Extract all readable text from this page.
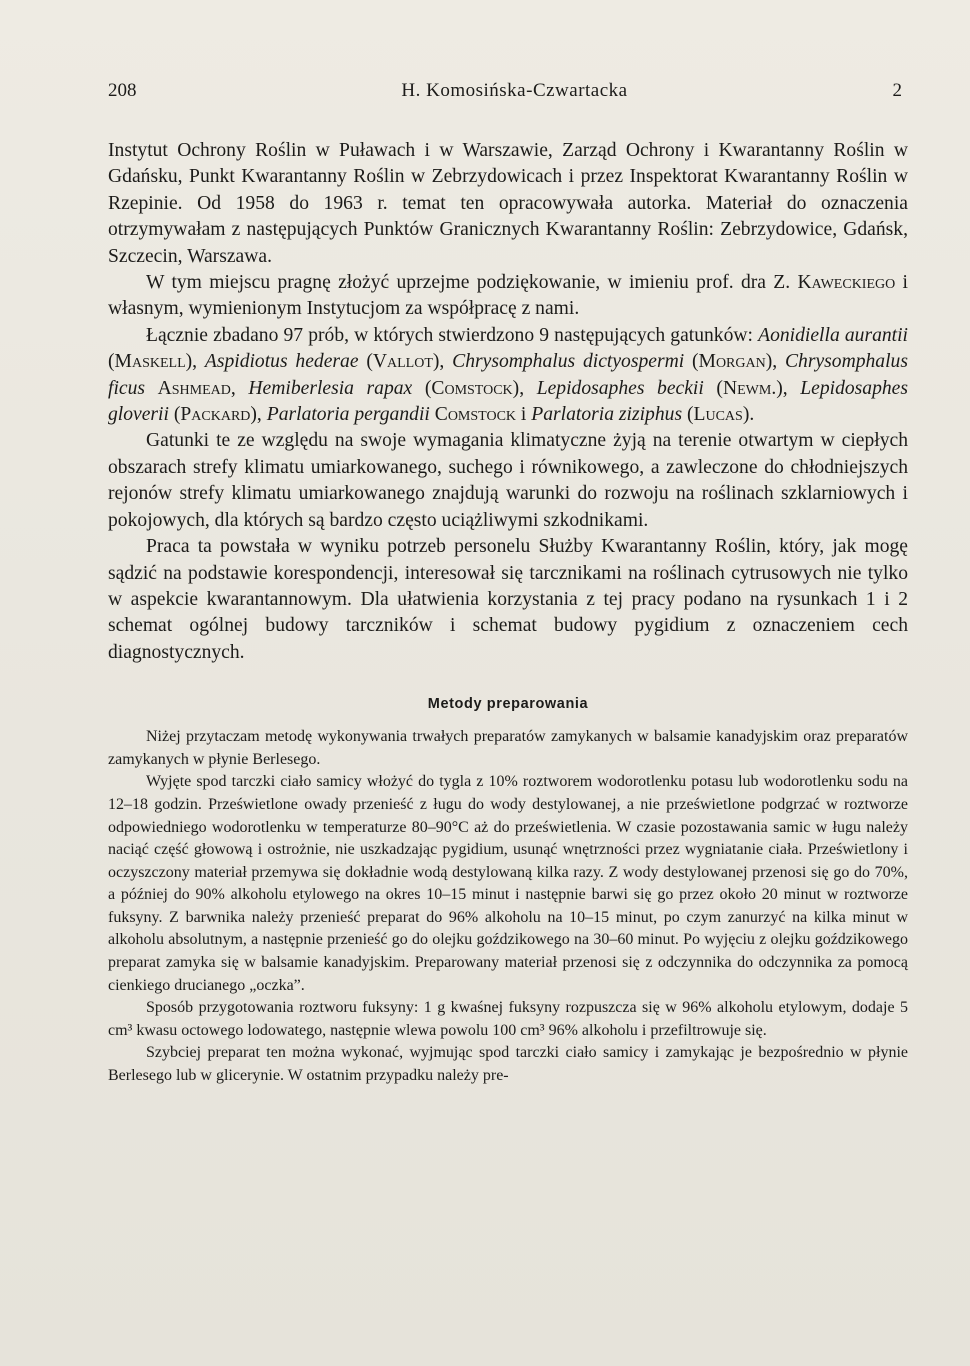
208	H. Komosińska-Czwartacka	2

Instytut Ochrony Roślin w Puławach i w Warszawie, Zarząd Ochrony i Kwarantanny Roślin w Gdańsku, Punkt Kwarantanny Roślin w Zebrzydowicach i przez Inspektorat Kwarantanny Roślin w Rzepinie. Od 1958 do 1963 r. temat ten opracowywała autorka. Materiał do oznaczenia otrzymywałam z następujących Punktów Granicznych Kwarantanny Roślin: Zebrzydowice, Gdańsk, Szczecin, Warszawa.

W tym miejscu pragnę złożyć uprzejme podziękowanie, w imieniu prof. dra Z. Kaweckiego i własnym, wymienionym Instytucjom za współpracę z nami.

Łącznie zbadano 97 prób, w których stwierdzono 9 następujących gatunków: Aonidiella aurantii (Maskell), Aspidiotus hederae (Vallot), Chrysomphalus dictyospermi (Morgan), Chrysomphalus ficus Ashmead, Hemiberlesia rapax (Comstock), Lepidosaphes beckii (Newm.), Lepidosaphes gloverii (Packard), Parlatoria pergandii Comstock i Parlatoria ziziphus (Lucas).

Gatunki te ze względu na swoje wymagania klimatyczne żyją na terenie otwartym w ciepłych obszarach strefy klimatu umiarkowanego, suchego i równikowego, a zawleczone do chłodniejszych rejonów strefy klimatu umiarkowanego znajdują warunki do rozwoju na roślinach szklarniowych i pokojowych, dla których są bardzo często uciążliwymi szkodnikami.

Praca ta powstała w wyniku potrzeb personelu Służby Kwarantanny Roślin, który, jak mogę sądzić na podstawie korespondencji, interesował się tarcznikami na roślinach cytrusowych nie tylko w aspekcie kwarantannowym. Dla ułatwienia korzystania z tej pracy podano na rysunkach 1 i 2 schemat ogólnej budowy tarczników i schemat budowy pygidium z oznaczeniem cech diagnostycznych.

Metody preparowania

Niżej przytaczam metodę wykonywania trwałych preparatów zamykanych w balsamie kanadyjskim oraz preparatów zamykanych w płynie Berlesego.

Wyjęte spod tarczki ciało samicy włożyć do tygla z 10% roztworem wodorotlenku potasu lub wodorotlenku sodu na 12–18 godzin. Prześwietlone owady przenieść z ługu do wody destylowanej, a nie prześwietlone podgrzać w roztworze odpowiedniego wodorotlenku w temperaturze 80–90°C aż do prześwietlenia. W czasie pozostawania samic w ługu należy naciąć część głowową i ostrożnie, nie uszkadzając pygidium, usunąć wnętrzności przez wygniatanie ciała. Prześwietlony i oczyszczony materiał przemywa się dokładnie wodą destylowaną kilka razy. Z wody destylowanej przenosi się go do 70%, a później do 90% alkoholu etylowego na okres 10–15 minut i następnie barwi się go przez około 20 minut w roztworze fuksyny. Z barwnika należy przenieść preparat do 96% alkoholu na 10–15 minut, po czym zanurzyć na kilka minut w alkoholu absolutnym, a następnie przenieść go do olejku goździkowego na 30–60 minut. Po wyjęciu z olejku goździkowego preparat zamyka się w balsamie kanadyjskim. Preparowany materiał przenosi się z odczynnika do odczynnika za pomocą cienkiego drucianego „oczka”.

Sposób przygotowania roztworu fuksyny: 1 g kwaśnej fuksyny rozpuszcza się w 96% alkoholu etylowym, dodaje 5 cm³ kwasu octowego lodowatego, następnie wlewa powolu 100 cm³ 96% alkoholu i przefiltrowuje się.

Szybciej preparat ten można wykonać, wyjmując spod tarczki ciało samicy i zamykając je bezpośrednio w płynie Berlesego lub w glicerynie. W ostatnim przypadku należy pre-
